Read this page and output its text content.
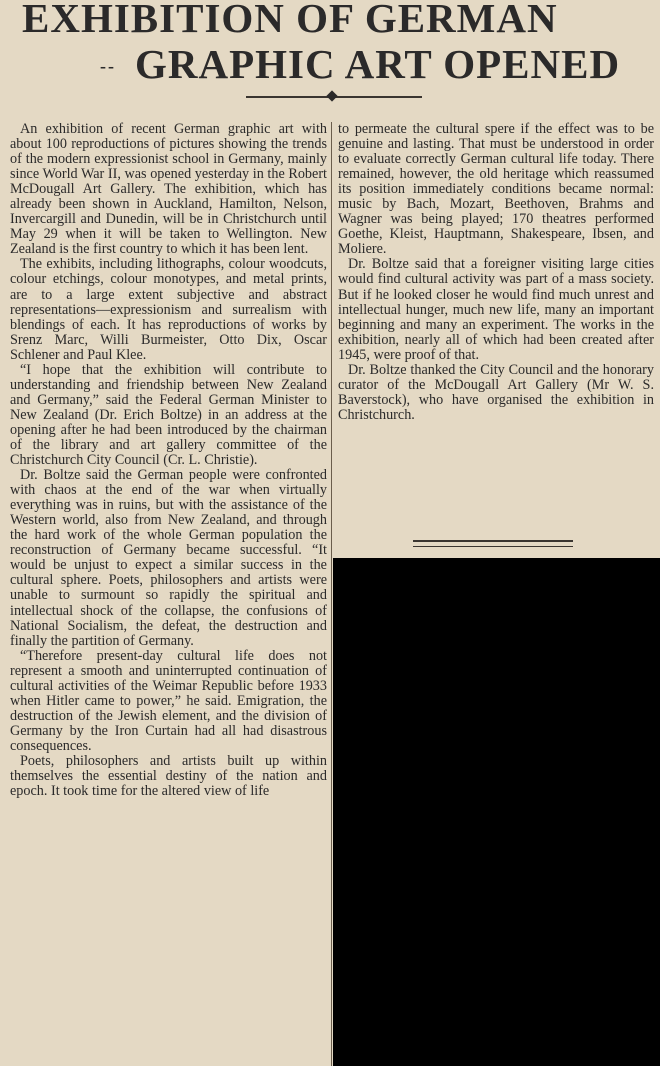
EXHIBITION OF GERMAN
-- GRAPHIC ART OPENED

An exhibition of recent German graphic art with about 100 reproductions of pictures showing the trends of the modern expressionist school in Germany, mainly since World War II, was opened yesterday in the Robert McDougall Art Gallery. The exhibition, which has already been shown in Auckland, Hamilton, Nelson, Invercargill and Dunedin, will be in Christchurch until May 29 when it will be taken to Wellington. New Zealand is the first country to which it has been lent.

The exhibits, including lithographs, colour woodcuts, colour etchings, colour monotypes, and metal prints, are to a large extent subjective and abstract representations—expressionism and surrealism with blendings of each. It has reproductions of works by Srenz Marc, Willi Burmeister, Otto Dix, Oscar Schlener and Paul Klee.

“I hope that the exhibition will contribute to understanding and friendship between New Zealand and Germany,” said the Federal German Minister to New Zealand (Dr. Erich Boltze) in an address at the opening after he had been introduced by the chairman of the library and art gallery committee of the Christchurch City Council (Cr. L. Christie).

Dr. Boltze said the German people were confronted with chaos at the end of the war when virtually everything was in ruins, but with the assistance of the Western world, also from New Zealand, and through the hard work of the whole German population the reconstruction of Germany became successful. “It would be unjust to expect a similar success in the cultural sphere. Poets, philosophers and artists were unable to surmount so rapidly the spiritual and intellectual shock of the collapse, the confusions of National Socialism, the defeat, the destruction and finally the partition of Germany.

“Therefore present-day cultural life does not represent a smooth and uninterrupted continuation of cultural activities of the Weimar Republic before 1933 when Hitler came to power,” he said. Emigration, the destruction of the Jewish element, and the division of Germany by the Iron Curtain had all had disastrous consequences.

Poets, philosophers and artists built up within themselves the essential destiny of the nation and epoch. It took time for the altered view of life

to permeate the cultural spere if the effect was to be genuine and lasting. That must be understood in order to evaluate correctly German cultural life today. There remained, however, the old heritage which reassumed its position immediately conditions became normal: music by Bach, Mozart, Beethoven, Brahms and Wagner was being played; 170 theatres performed Goethe, Kleist, Hauptmann, Shakespeare, Ibsen, and Moliere.

Dr. Boltze said that a foreigner visiting large cities would find cultural activity was part of a mass society. But if he looked closer he would find much unrest and intellectual hunger, much new life, many an important beginning and many an experiment. The works in the exhibition, nearly all of which had been created after 1945, were proof of that.

Dr. Boltze thanked the City Council and the honorary curator of the McDougall Art Gallery (Mr W. S. Baverstock), who have organised the exhibition in Christchurch.
